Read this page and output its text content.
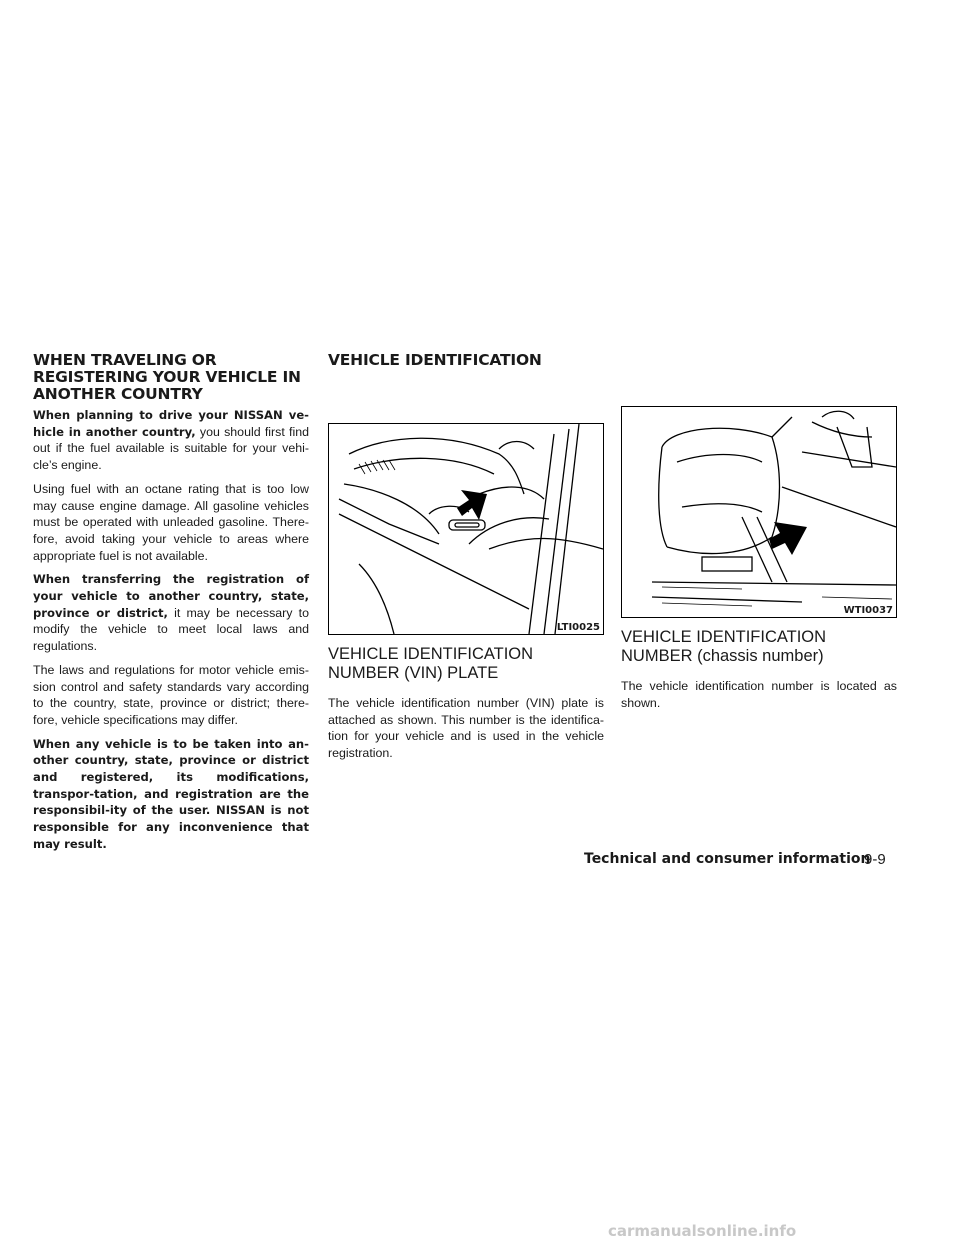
WHEN TRAVELING OR REGISTERING YOUR VEHICLE IN ANOTHER COUNTRY

When planning to drive your NISSAN ve-hicle in another country, you should first find out if the fuel available is suitable for your vehi-cle’s engine.

Using fuel with an octane rating that is too low may cause engine damage. All gasoline vehicles must be operated with unleaded gasoline. There-fore, avoid taking your vehicle to areas where appropriate fuel is not available.

When transferring the registration of your vehicle to another country, state, province or district, it may be necessary to modify the vehicle to meet local laws and regulations.

The laws and regulations for motor vehicle emis-sion control and safety standards vary according to the country, state, province or district; there-fore, vehicle specifications may differ.

When any vehicle is to be taken into an-other country, state, province or district and registered, its modifications, transpor-tation, and registration are the responsibil-ity of the user. NISSAN is not responsible for any inconvenience that may result.

VEHICLE IDENTIFICATION
LTI0025
VEHICLE IDENTIFICATION NUMBER (VIN) PLATE

The vehicle identification number (VIN) plate is attached as shown. This number is the identifica-tion for your vehicle and is used in the vehicle registration.

WTI0037
VEHICLE IDENTIFICATION NUMBER (chassis number)

The vehicle identification number is located as shown.

Technical and consumer information
9-9
carmanualsonline.info
